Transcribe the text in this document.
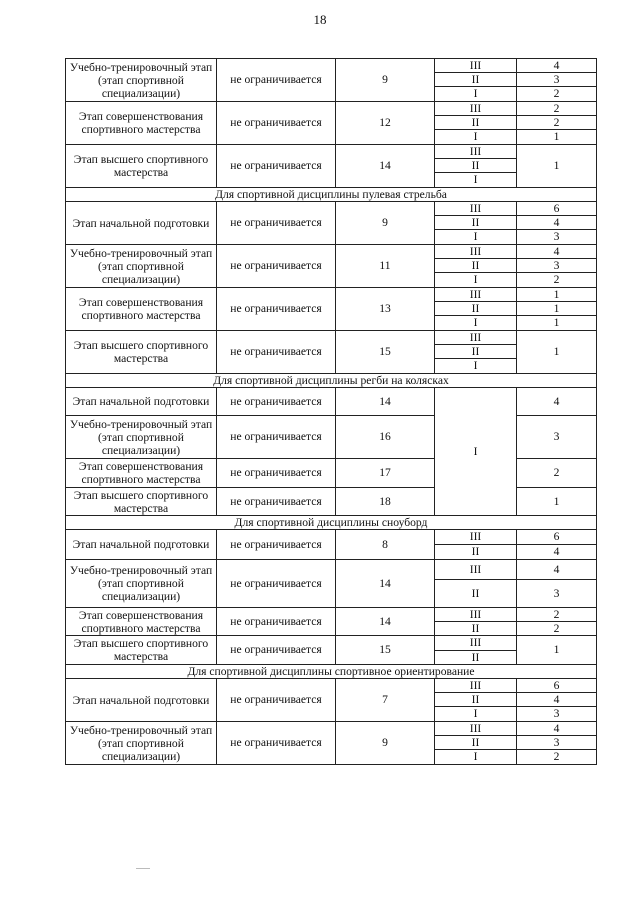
18
Учебно-тренировочный этап (этап спортивной специализации)	не ограничивается	9	III	4
			II	3
			I	2
Этап совершенствования спортивного мастерства	не ограничивается	12	III	2
			II	2
			I	1
Этап высшего спортивного мастерства	не ограничивается	14	III	1
			II	
			I	
Для спортивной дисциплины пулевая стрельба				
Этап начальной подготовки	не ограничивается	9	III	6
			II	4
			I	3
Учебно-тренировочный этап (этап спортивной специализации)	не ограничивается	11	III	4
			II	3
			I	2
Этап совершенствования спортивного мастерства	не ограничивается	13	III	1
			II	1
			I	1
Этап высшего спортивного мастерства	не ограничивается	15	III	1
			II	
			I	
Для спортивной дисциплины регби на колясках				
Этап начальной подготовки	не ограничивается	14	I	4
Учебно-тренировочный этап (этап спортивной специализации)	не ограничивается	16		3
Этап совершенствования спортивного мастерства	не ограничивается	17		2
Этап высшего спортивного мастерства	не ограничивается	18		1
Для спортивной дисциплины сноуборд				
Этап начальной подготовки	не ограничивается	8	III	6
			II	4
Учебно-тренировочный этап (этап спортивной специализации)	не ограничивается	14	III	4
			II	3
Этап совершенствования спортивного мастерства	не ограничивается	14	III	2
			II	2
Этап высшего спортивного мастерства	не ограничивается	15	III	1
			II	
Для спортивной дисциплины спортивное ориентирование				
Этап начальной подготовки	не ограничивается	7	III	6
			II	4
			I	3
Учебно-тренировочный этап (этап спортивной специализации)	не ограничивается	9	III	4
			II	3
			I	2
